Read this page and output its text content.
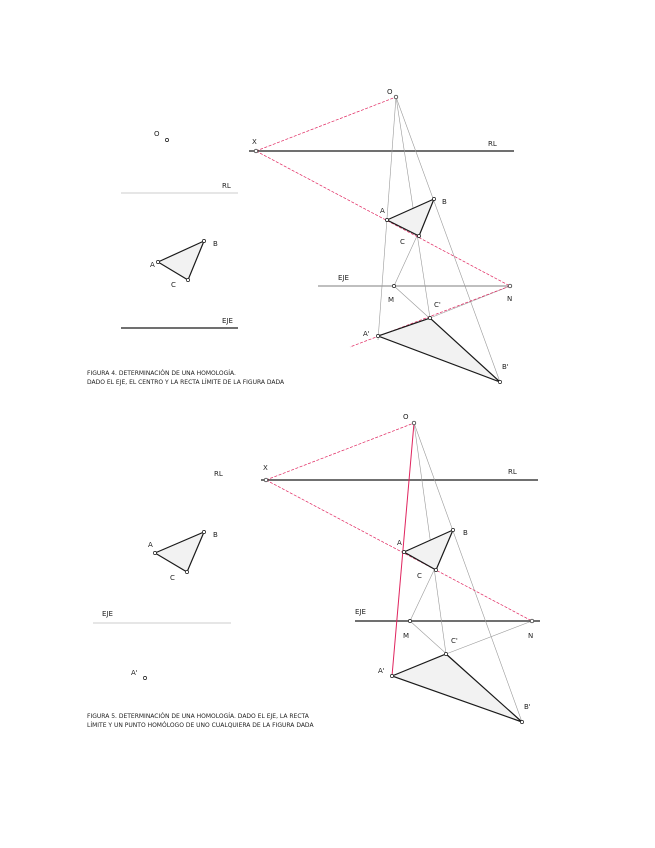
O
RL
A
B
C
EJE
O
X	RL
A
B
C
EJE
M	N
A'
C'
B'
FIGURA 4. DETERMINACIÓN DE UNA HOMOLOGÍA.
DADO EL EJE, EL CENTRO Y LA RECTA LÍMITE DE LA FIGURA DADA
RL
A
B
C
EJE
A'
O
X	RL
A
B
C
EJE
M	N
A'
C'
B'
FIGURA 5. DETERMINACIÓN DE UNA HOMOLOGÍA. DADO EL EJE, LA RECTA
LÍMITE Y UN PUNTO HOMÓLOGO DE UNO CUALQUIERA DE LA FIGURA DADA
